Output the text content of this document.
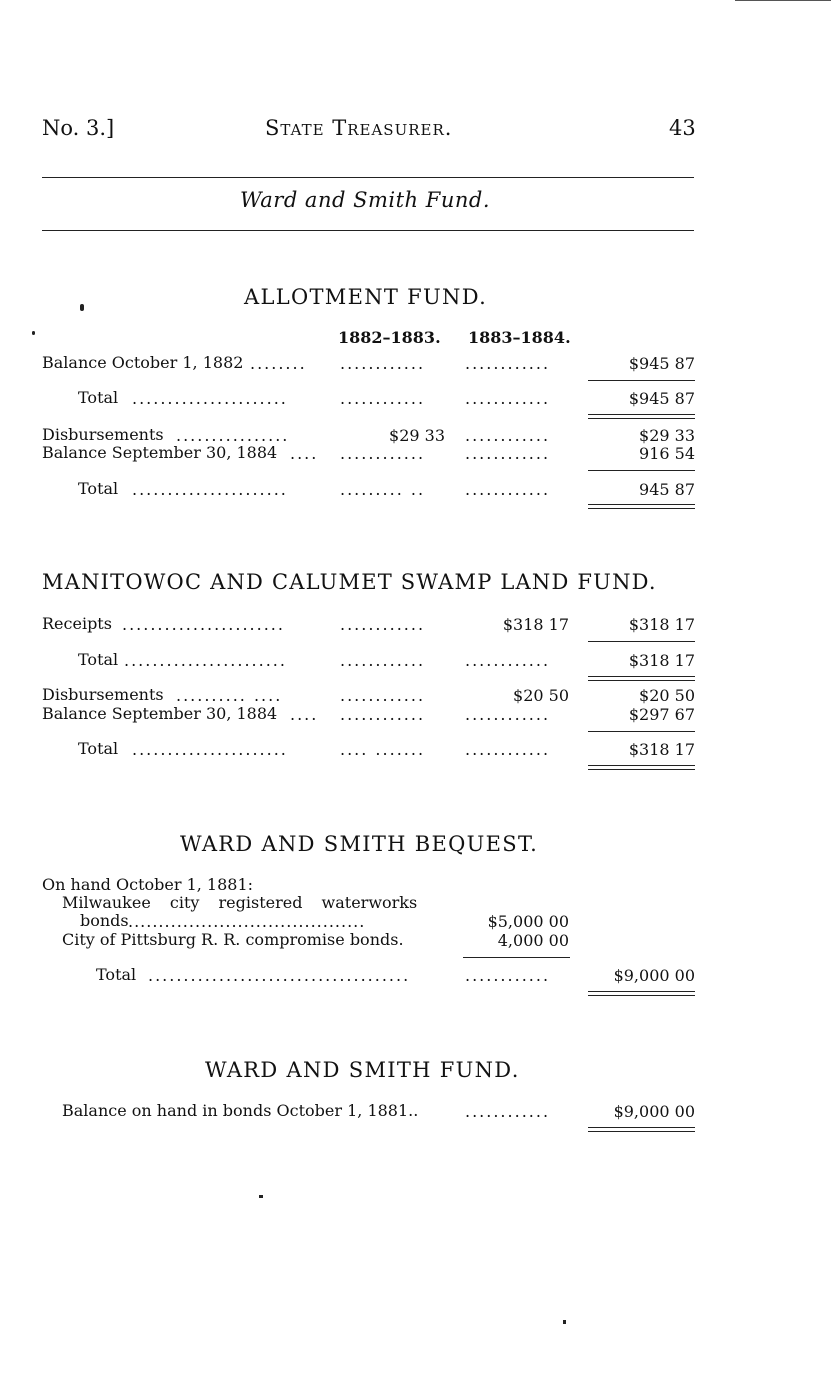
No. 3.]	State Treasurer.	43
Ward and Smith Fund.
ALLOTMENT FUND.
1882–1883. 1883–1884.
Balance October 1, 1882 ........	............	............	$945 87
Total ......................	............	............	$945 87
Disbursements ................	$29 33 ............	$29 33
Balance September 30, 1884 .... ............	............	916 54
Total ......................	......... ..	............	945 87
MANITOWOC AND CALUMET SWAMP LAND FUND.
Receipts .......................	............	$318 17	$318 17
Total .......................	............	............	$318 17
Disbursements .......... ....	............	$20 50	$20 50
Balance September 30, 1884 .... ............	............	$297 67
Total ......................	.... .......	............	$318 17
WARD AND SMITH BEQUEST.
On hand October 1, 1881:
Milwaukee city registered waterworks
bonds .......................................	$5,000 00
City of Pittsburg R. R. compromise bonds.	4,000 00
Total .....................................	............	$9,000 00
WARD AND SMITH FUND.
Balance on hand in bonds October 1, 1881..	............	$9,000 00
